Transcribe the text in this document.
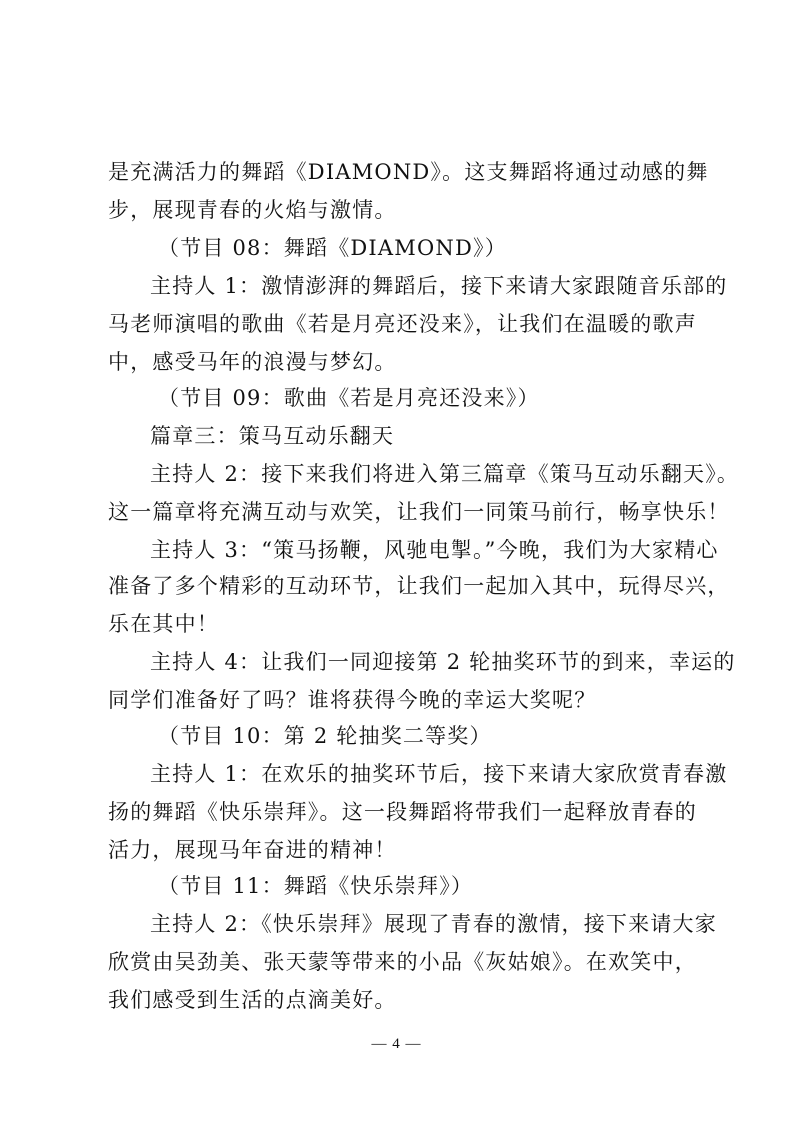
是充满活力的舞蹈《DIAMOND》。这支舞蹈将通过动感的舞
步，展现青春的火焰与激情。
（节目 08：舞蹈《DIAMOND》）
主持人 1：激情澎湃的舞蹈后，接下来请大家跟随音乐部的
马老师演唱的歌曲《若是月亮还没来》，让我们在温暖的歌声
中，感受马年的浪漫与梦幻。
（节目 09：歌曲《若是月亮还没来》）
篇章三：策马互动乐翻天
主持人 2：接下来我们将进入第三篇章《策马互动乐翻天》。
这一篇章将充满互动与欢笑，让我们一同策马前行，畅享快乐！
主持人 3：“策马扬鞭，风驰电掣。”今晚，我们为大家精心
准备了多个精彩的互动环节，让我们一起加入其中，玩得尽兴，
乐在其中！
主持人 4：让我们一同迎接第 2 轮抽奖环节的到来，幸运的
同学们准备好了吗？谁将获得今晚的幸运大奖呢？
（节目 10：第 2 轮抽奖二等奖）
主持人 1：在欢乐的抽奖环节后，接下来请大家欣赏青春激
扬的舞蹈《快乐崇拜》。这一段舞蹈将带我们一起释放青春的
活力，展现马年奋进的精神！
（节目 11：舞蹈《快乐崇拜》）
主持人 2：《快乐崇拜》展现了青春的激情，接下来请大家
欣赏由吴劲美、张天蒙等带来的小品《灰姑娘》。在欢笑中，
我们感受到生活的点滴美好。
— 4 —
